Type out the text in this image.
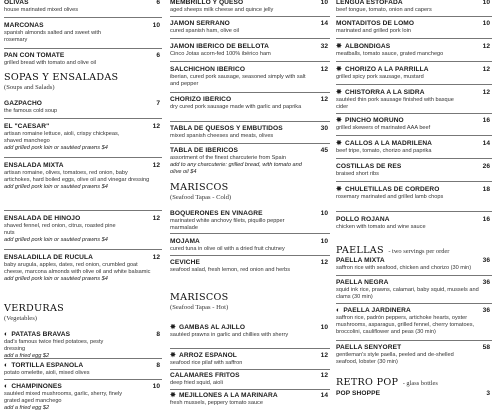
OLIVAS	6
house marinated mixed olives
MARCONAS	10
spanish almonds salted and sweet with rosemary
PAN CON TOMATE	6
grilled bread with tomato and olive oil
SOPAS Y ENSALADAS
(Soups and Salads)
GAZPACHO	7
the famous cold soup
EL "CAESAR"	12
artisan romaine lettuce, aioli, crispy chickpeas, shaved manchego
add grilled pork loin or sautéed prawns $4
ENSALADA MIXTA	12
artisan romaine, olives, tomatoes, red onion, baby artichokes, hard boiled eggs, olive oil and vinegar dressing
add grilled pork loin or sautéed prawns $4
ENSALADA DE HINOJO	12
shaved fennel, red onion, citrus, roasted pine nuts
add grilled pork loin or sautéed prawns $4
ENSALADILLA DE RÚCULA	12
baby arugula, apples, dates, red onion, crumbled goat cheese, marcona almonds with olive oil and white balsamic
add grilled pork loin or sautéed prawns $4
VERDURAS
(Vegetables)
◐ PATATAS BRAVAS	8
dad's famous twice fried potatoes, pesty dressing
add a fried egg $2
◐ TORTILLA ESPAÑOLA	8
potato omelette, aioli, mixed olives
◐ CHAMPIÑONES	10
sautéed mixed mushrooms, garlic, sherry, finely grated aged manchego
add a fried egg $2
MEMBRILLO Y QUESO	10
aged sheeps milk cheese and quince jelly
JAMÓN SERRANO	14
cured spanish ham, olive oil
JAMÓN IBÉRICO DE BELLOTA	32
Cinco Jotas acorn-fed 100% ibérico ham
SALCHICHÓN IBÉRICO	12
iberian, cured pork sausage, seasoned simply with salt and pepper
CHORIZO IBÉRICO	12
dry cured pork sausage made with garlic and paprika
TABLA DE QUESOS Y EMBUTIDOS	30
mixed spanish cheeses and meats, olives
TABLA DE IBÉRICOS	45
assortment of the finest charcuterie from Spain
add to any charcuterie: grilled bread, with tomato and olive oil $4
MARISCOS
(Seafood Tapas - Cold)
BOQUERONES EN VINAGRE	10
marinated white anchovy filets, piquillo pepper marmalade
MOJAMA	10
cured tuna in olive oil with a dried fruit chutney
CEVICHE	12
seafood salad, fresh lemon, red onion and herbs
MARISCOS
(Seafood Tapas - Hot)
✵ GAMBAS AL AJILLO	10
sautéed prawns in garlic and chillies with sherry
✵ ARROZ ESPAÑOL	12
seafood rice pilaf with saffron
CALAMARES FRITOS	12
deep fried squid, aioli
✵ MEJILLONES A LA MARINARA	14
fresh mussels, peppery tomato sauce
LENGUA ESTOFADA	10
beef tongue, tomato, onion and capers
MONTADITOS DE LOMO	10
marinated and grilled pork loin
✵ ALBÓNDIGAS	12
meatballs, tomato sauce, grated manchego
✵ CHORIZO A LA PARRILLA	12
grilled spicy pork sausage, mustard
✵ CHISTORRA A LA SIDRA	12
sautéed thin pork sausage finished with basque cider
✵ PINCHO MORUNO	16
grilled skewers of marinated AAA beef
✵ CALLOS A LA MADRILEÑA	14
beef tripe, tomato, chorizo and paprika
COSTILLAS DE RES	26
braised short ribs
✵ CHULETILLAS DE CORDERO	18
rosemary marinated and grilled lamb chops
POLLO ROJANA	16
chicken with tomato and wine sauce
PAELLAS - two servings per order
PAELLA MIXTA	36
saffron rice with seafood, chicken and chorizo (30 min)
PAELLA NEGRA	36
squid ink rice, prawns, calamari, baby squid, mussels and clams (30 min)
◐ PAELLA JARDINERA	36
saffron rice, padrón peppers, artichoke hearts, oyster mushrooms, asparagus, grilled fennel, cherry tomatoes, broccolini, cauliflower and peas (30 min)
PAELLA SENYORET	58
gentleman's style paella, peeled and de-shelled seafood, lobster (30 min)
RETRO POP - glass bottles
POP SHOPPE	3
